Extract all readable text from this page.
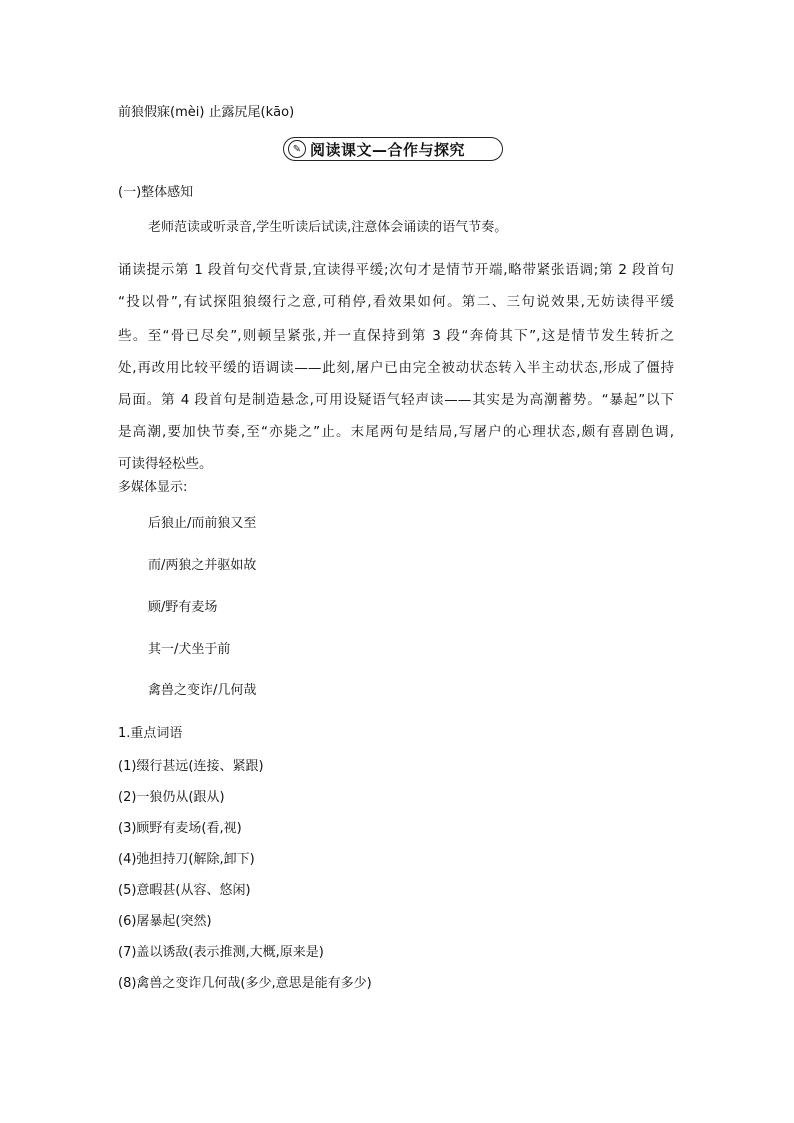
前狼假寐(mèi) 止露尻尾(kāo)
✎ 阅读课文—合作与探究
(一)整体感知
老师范读或听录音,学生听读后试读,注意体会诵读的语气节奏。
诵读提示第 1 段首句交代背景,宜读得平缓;次句才是情节开端,略带紧张语调;第 2 段首句
“投以骨”,有试探阻狼缀行之意,可稍停,看效果如何。第二、三句说效果,无妨读得平缓
些。至“骨已尽矣”,则顿呈紧张,并一直保持到第 3 段“奔倚其下”,这是情节发生转折之
处,再改用比较平缓的语调读——此刻,屠户已由完全被动状态转入半主动状态,形成了僵持
局面。第 4 段首句是制造悬念,可用设疑语气轻声读——其实是为高潮蓄势。“暴起”以下
是高潮,要加快节奏,至“亦毙之”止。末尾两句是结局,写屠户的心理状态,颇有喜剧色调,
可读得轻松些。
多媒体显示:
后狼止/而前狼又至
而/两狼之并驱如故
顾/野有麦场
其一/犬坐于前
禽兽之变诈/几何哉
1.重点词语
(1)缀行甚远(连接、紧跟)
(2)一狼仍从(跟从)
(3)顾野有麦场(看,视)
(4)弛担持刀(解除,卸下)
(5)意暇甚(从容、悠闲)
(6)屠暴起(突然)
(7)盖以诱敌(表示推测,大概,原来是)
(8)禽兽之变诈几何哉(多少,意思是能有多少)
